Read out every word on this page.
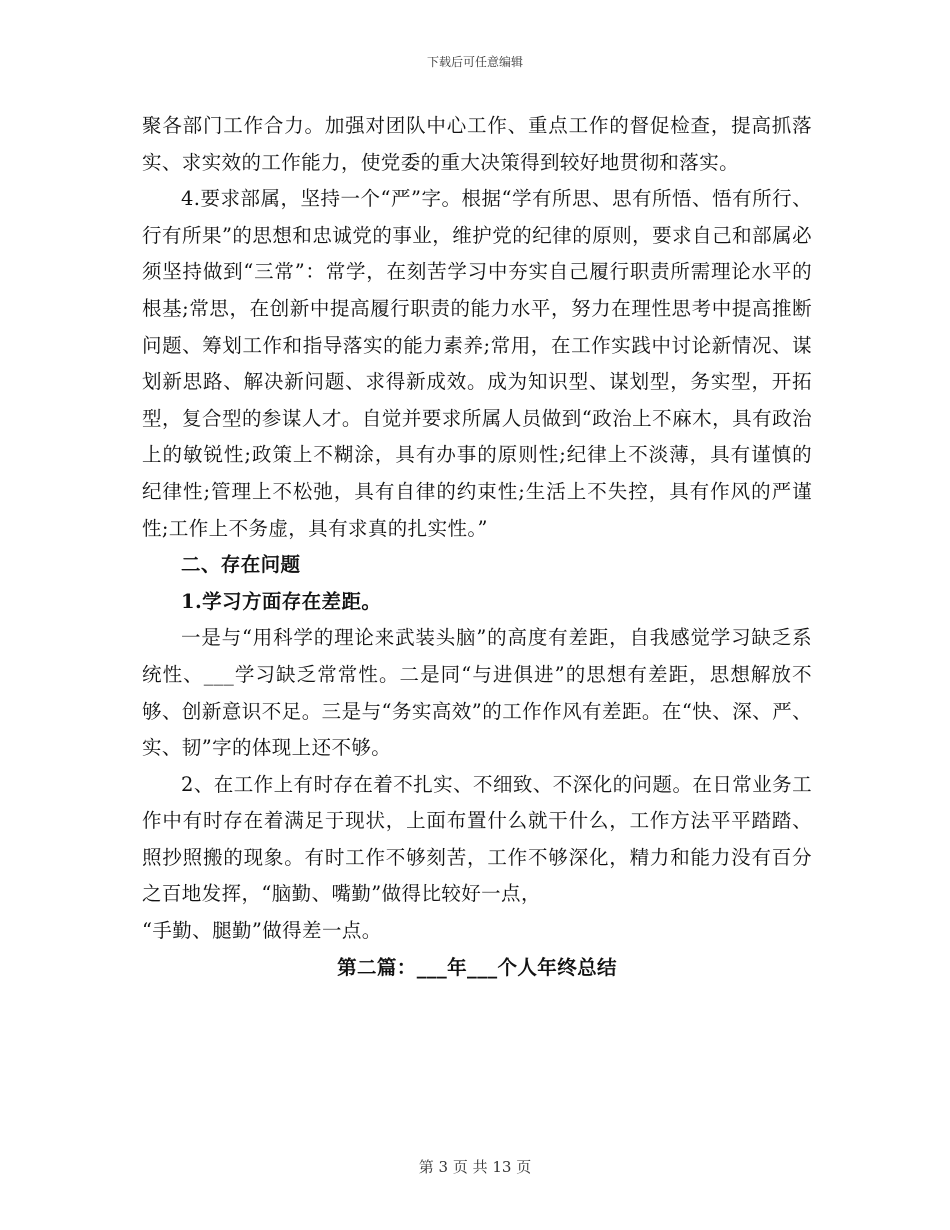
下载后可任意编辑

聚各部门工作合力。加强对团队中心工作、重点工作的督促检查，提高抓落实、求实效的工作能力，使党委的重大决策得到较好地贯彻和落实。

4.要求部属，坚持一个“严”字。根据“学有所思、思有所悟、悟有所行、行有所果”的思想和忠诚党的事业，维护党的纪律的原则，要求自己和部属必须坚持做到“三常”：常学，在刻苦学习中夯实自己履行职责所需理论水平的根基;常思，在创新中提高履行职责的能力水平，努力在理性思考中提高推断问题、筹划工作和指导落实的能力素养;常用，在工作实践中讨论新情况、谋划新思路、解决新问题、求得新成效。成为知识型、谋划型，务实型，开拓型，复合型的参谋人才。自觉并要求所属人员做到“政治上不麻木，具有政治上的敏锐性;政策上不糊涂，具有办事的原则性;纪律上不淡薄，具有谨慎的纪律性;管理上不松弛，具有自律的约束性;生活上不失控，具有作风的严谨性;工作上不务虚，具有求真的扎实性。”

二、存在问题

1.学习方面存在差距。

一是与“用科学的理论来武装头脑”的高度有差距，自我感觉学习缺乏系统性、___学习缺乏常常性。二是同“与进俱进”的思想有差距，思想解放不够、创新意识不足。三是与“务实高效”的工作作风有差距。在“快、深、严、实、韧”字的体现上还不够。

2、在工作上有时存在着不扎实、不细致、不深化的问题。在日常业务工作中有时存在着满足于现状，上面布置什么就干什么，工作方法平平踏踏、照抄照搬的现象。有时工作不够刻苦，工作不够深化，精力和能力没有百分之百地发挥，“脑勤、嘴勤”做得比较好一点，

“手勤、腿勤”做得差一点。

第二篇：___年___个人年终总结

第 3 页 共 13 页
